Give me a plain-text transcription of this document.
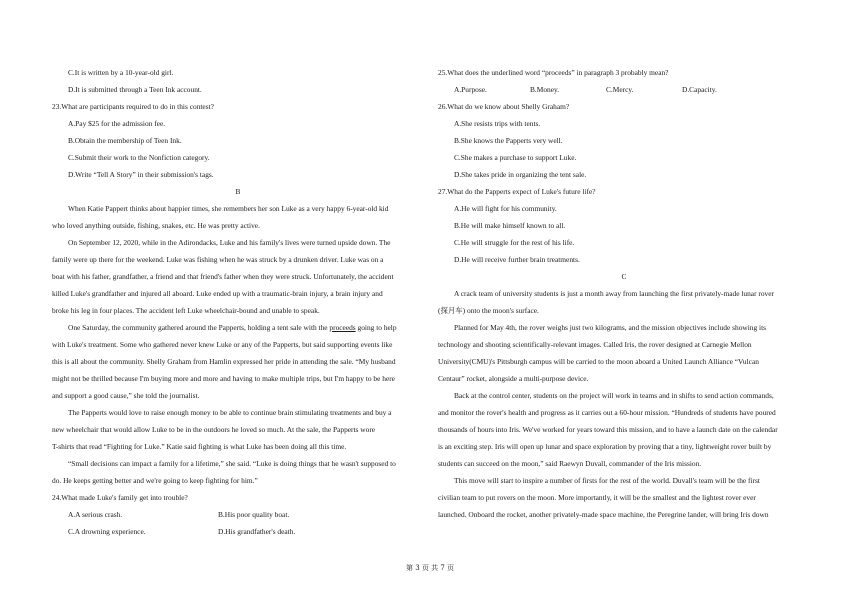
C.It is written by a 10-year-old girl.
D.It is submitted through a Teen Ink account.
23.What are participants required to do in this contest?
A.Pay $25 for the admission fee.
B.Obtain the membership of Teen Ink.
C.Submit their work to the Nonfiction category.
D.Write “Tell A Story” in their submission's tags.
B
When Katie Pappert thinks about happier times, she remembers her son Luke as a very happy 6-year-old kid
who loved anything outside, fishing, snakes, etc. He was pretty active.
On September 12, 2020, while in the Adirondacks, Luke and his family's lives were turned upside down. The
family were up there for the weekend. Luke was fishing when he was struck by a drunken driver. Luke was on a
boat with his father, grandfather, a friend and that friend's father when they were struck. Unfortunately, the accident
killed Luke's grandfather and injured all aboard. Luke ended up with a traumatic-brain injury, a brain injury and
broke his leg in four places. The accident left Luke wheelchair-bound and unable to speak.
One Saturday, the community gathered around the Papperts, holding a tent sale with the proceeds going to help
with Luke's treatment. Some who gathered never knew Luke or any of the Papperts, but said supporting events like
this is all about the community. Shelly Graham from Hamlin expressed her pride in attending the sale. “My husband
might not be thrilled because I'm buying more and more and having to make multiple trips, but I'm happy to be here
and support a good cause,” she told the journalist.
The Papperts would love to raise enough money to be able to continue brain stimulating treatments and buy a
new wheelchair that would allow Luke to be in the outdoors he loved so much. At the sale, the Papperts wore
T-shirts that read “Fighting for Luke.” Katie said fighting is what Luke has been doing all this time.
“Small decisions can impact a family for a lifetime,” she said. “Luke is doing things that he wasn't supposed to
do. He keeps getting better and we're going to keep fighting for him.”
24.What made Luke's family get into trouble?
A.A serious crash.	B.His poor quality boat.
C.A drowning experience.	D.His grandfather's death.
25.What does the underlined word “proceeds” in paragraph 3 probably mean?
A.Purpose.	B.Money.	C.Mercy.	D.Capacity.
26.What do we know about Shelly Graham?
A.She resists trips with tents.
B.She knows the Papperts very well.
C.She makes a purchase to support Luke.
D.She takes pride in organizing the tent sale.
27.What do the Papperts expect of Luke's future life?
A.He will fight for his community.
B.He will make himself known to all.
C.He will struggle for the rest of his life.
D.He will receive further brain treatments.
C
A crack team of university students is just a month away from launching the first privately-made lunar rover
(探月车) onto the moon's surface.
Planned for May 4th, the rover weighs just two kilograms, and the mission objectives include showing its
technology and shooting scientifically-relevant images. Called Iris, the rover designed at Carnegie Mellon
University(CMU)'s Pittsburgh campus will be carried to the moon aboard a United Launch Alliance “Vulcan
Centaur” rocket, alongside a multi-purpose device.
Back at the control center, students on the project will work in teams and in shifts to send action commands,
and monitor the rover's health and progress as it carries out a 60-hour mission. “Hundreds of students have poured
thousands of hours into Iris. We've worked for years toward this mission, and to have a launch date on the calendar
is an exciting step. Iris will open up lunar and space exploration by proving that a tiny, lightweight rover built by
students can succeed on the moon,” said Raewyn Duvall, commander of the Iris mission.
This move will start to inspire a number of firsts for the rest of the world. Duvall's team will be the first
civilian team to put rovers on the moon. More importantly, it will be the smallest and the lightest rover ever
launched. Onboard the rocket, another privately-made space machine, the Peregrine lander, will bring Iris down
第 3 页 共 7 页
